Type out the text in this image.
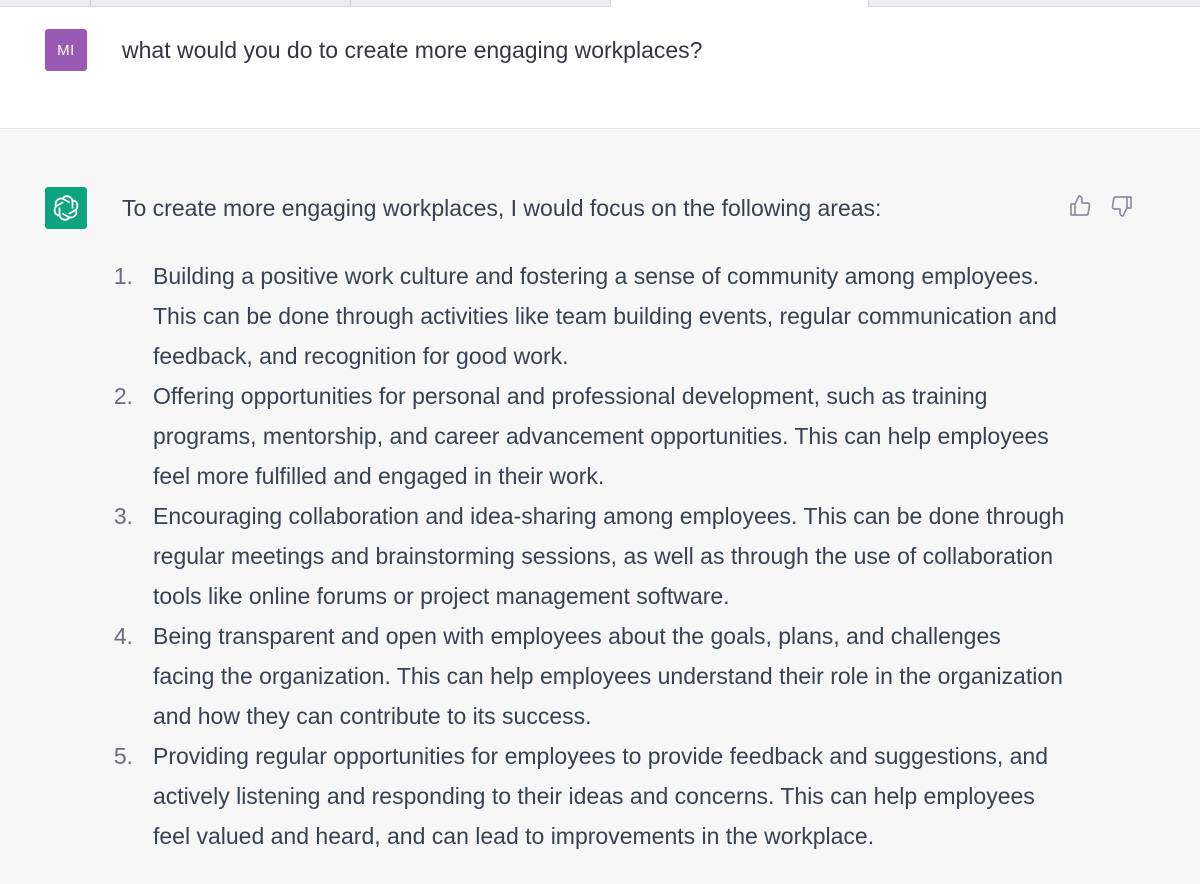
MI	what would you do to create more engaging workplaces?
To create more engaging workplaces, I would focus on the following areas:
1. Building a positive work culture and fostering a sense of community among employees. This can be done through activities like team building events, regular communication and feedback, and recognition for good work.
2. Offering opportunities for personal and professional development, such as training programs, mentorship, and career advancement opportunities. This can help employees feel more fulfilled and engaged in their work.
3. Encouraging collaboration and idea-sharing among employees. This can be done through regular meetings and brainstorming sessions, as well as through the use of collaboration tools like online forums or project management software.
4. Being transparent and open with employees about the goals, plans, and challenges facing the organization. This can help employees understand their role in the organization and how they can contribute to its success.
5. Providing regular opportunities for employees to provide feedback and suggestions, and actively listening and responding to their ideas and concerns. This can help employees feel valued and heard, and can lead to improvements in the workplace.
